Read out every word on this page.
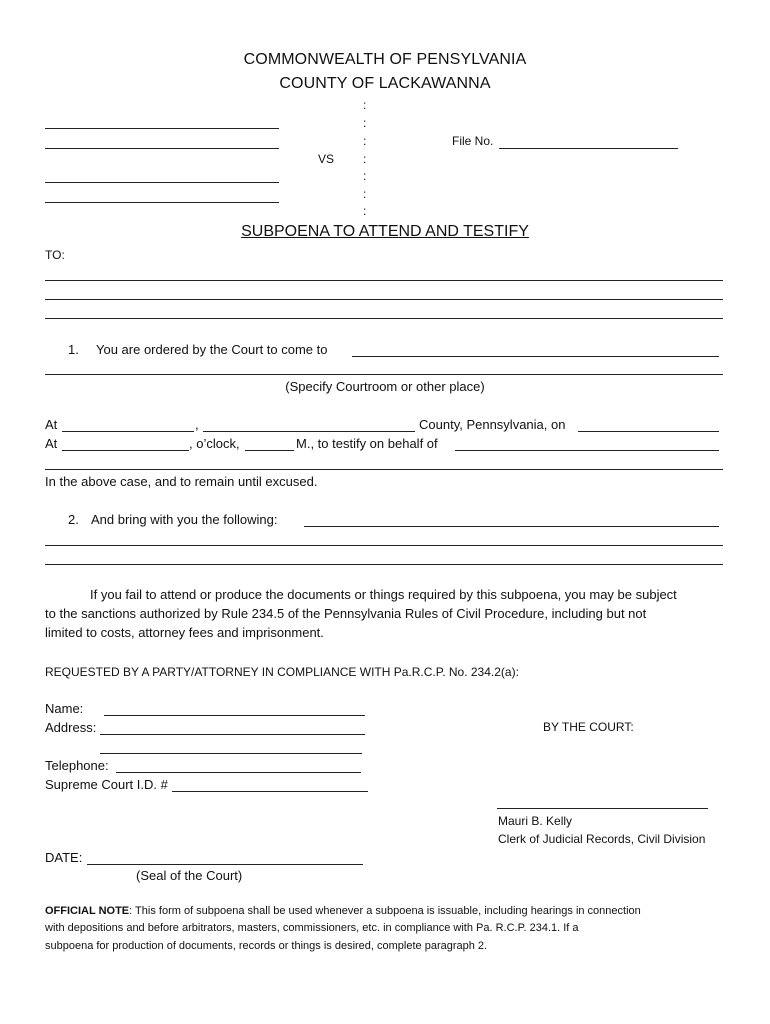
COMMONWEALTH OF PENSYLVANIA
COUNTY OF LACKAWANNA
VS
:
:
:
:
:
:
:
File No.
SUBPOENA TO ATTEND AND TESTIFY
TO:
1. You are ordered by the Court to come to
(Specify Courtroom or other place)
At	,	County, Pennsylvania, on
At	, o’clock,	M., to testify on behalf of
In the above case, and to remain until excused.
2. And bring with you the following:
If you fail to attend or produce the documents or things required by this subpoena, you may be subject
to the sanctions authorized by Rule 234.5 of the Pennsylvania Rules of Civil Procedure, including but not
limited to costs, attorney fees and imprisonment.
REQUESTED BY A PARTY/ATTORNEY IN COMPLIANCE WITH Pa.R.C.P. No. 234.2(a):
Name:
Address:
Telephone:
Supreme Court I.D. #
BY THE COURT:
Mauri B. Kelly
Clerk of Judicial Records, Civil Division
DATE:
(Seal of the Court)
OFFICIAL NOTE: This form of subpoena shall be used whenever a subpoena is issuable, including hearings in connection
with depositions and before arbitrators, masters, commissioners, etc. in compliance with Pa. R.C.P. 234.1. If a
subpoena for production of documents, records or things is desired, complete paragraph 2.
